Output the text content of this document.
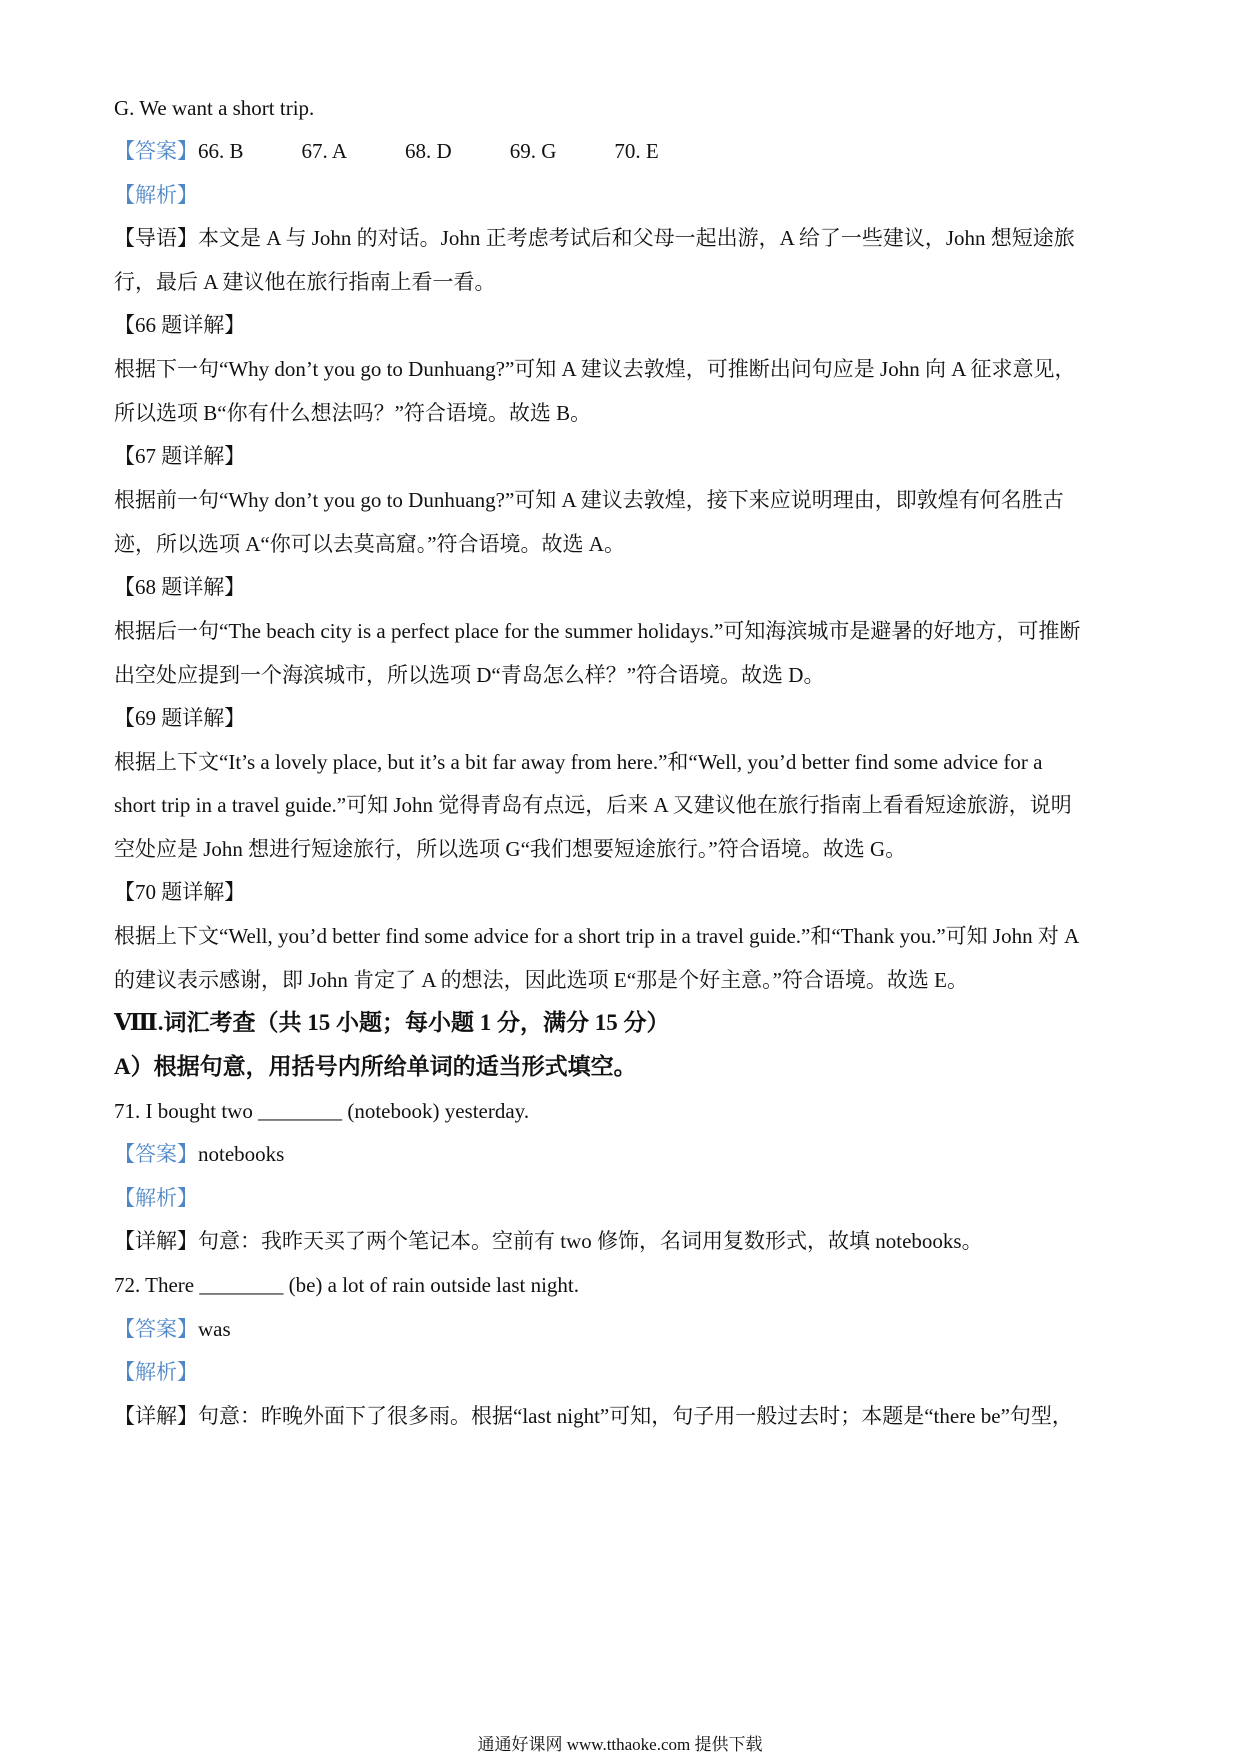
G. We want a short trip.
【答案】66. B	67. A	68. D	69. G	70. E
【解析】
【导语】本文是 A 与 John 的对话。John 正考虑考试后和父母一起出游，A 给了一些建议，John 想短途旅
行，最后 A 建议他在旅行指南上看一看。
【66 题详解】
根据下一句“Why don’t you go to Dunhuang?”可知 A 建议去敦煌，可推断出问句应是 John 向 A 征求意见，
所以选项 B“你有什么想法吗？”符合语境。故选 B。
【67 题详解】
根据前一句“Why don’t you go to Dunhuang?”可知 A 建议去敦煌，接下来应说明理由，即敦煌有何名胜古
迹，所以选项 A“你可以去莫高窟。”符合语境。故选 A。
【68 题详解】
根据后一句“The beach city is a perfect place for the summer holidays.”可知海滨城市是避暑的好地方，可推断
出空处应提到一个海滨城市，所以选项 D“青岛怎么样？”符合语境。故选 D。
【69 题详解】
根据上下文“It’s a lovely place, but it’s a bit far away from here.”和“Well, you’d better find some advice for a
short trip in a travel guide.”可知 John 觉得青岛有点远，后来 A 又建议他在旅行指南上看看短途旅游，说明
空处应是 John 想进行短途旅行，所以选项 G“我们想要短途旅行。”符合语境。故选 G。
【70 题详解】
根据上下文“Well, you’d better find some advice for a short trip in a travel guide.”和“Thank you.”可知 John 对 A
的建议表示感谢，即 John 肯定了 A 的想法，因此选项 E“那是个好主意。”符合语境。故选 E。
Ⅷ.词汇考查（共 15 小题；每小题 1 分，满分 15 分）
A）根据句意，用括号内所给单词的适当形式填空。
71. I bought two ________ (notebook) yesterday.
【答案】notebooks
【解析】
【详解】句意：我昨天买了两个笔记本。空前有 two 修饰，名词用复数形式，故填 notebooks。
72. There ________ (be) a lot of rain outside last night.
【答案】was
【解析】
【详解】句意：昨晚外面下了很多雨。根据“last night”可知，句子用一般过去时；本题是“there be”句型，
通通好课网 www.tthaoke.com 提供下载
